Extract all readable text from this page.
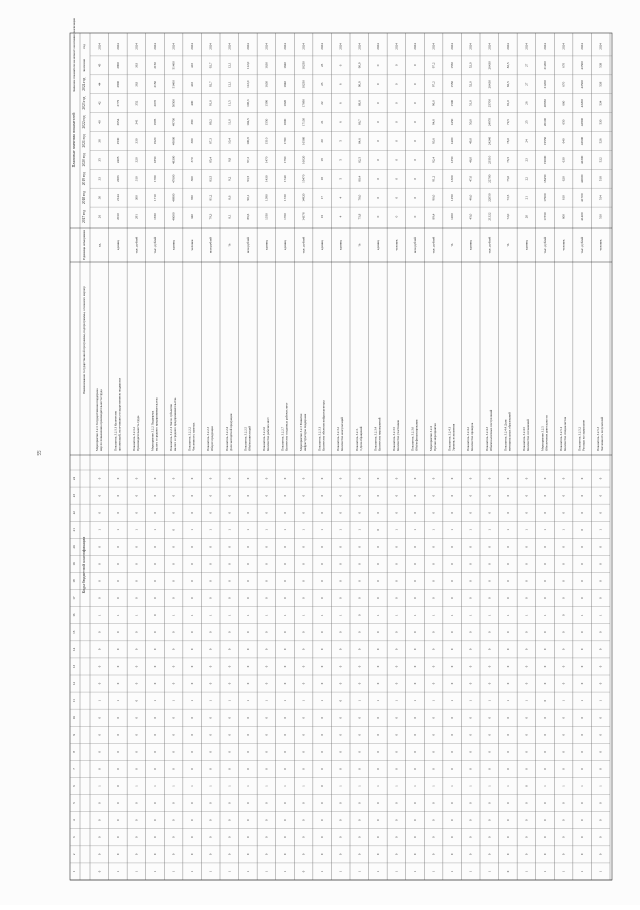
55
Коды бюджетной классификации
Наименование государственной программы, подпрограммы, основного меропр
Единица измерения
Плановые значения показателей
Значение показателя на момент окончания реализации
2017 год
2018 год
2019 год
2020 год
2021 год
2022 год
2023 год
2024 год
значение
год
1
2
3
4
5
6
7
8
9
10
11
12
13
14
15
16
17
18
19
20
21
22
23
24
Мероприятие 3.2.1 Государственная поддержка мер по повышению производительности труда
ед.
26
30
33
35
38
40
42
44
45
2024
0
0
0
0
0
1
0
0
0
0
1
0
0
0
0
1
0
0
0
0
1
0
0
0
Показатель 3.2.1.1 Количество организаций, получивших государственную поддержку
единиц
2010
2144
2283
2405
2530
2654
2779
2900
2900
2024
1
0
0
0
0
0
0
0
0
0
1
0
0
0
0
1
0
0
0
0
1
0
0
0
Показатель 3.2.1.2 Производительность труда
тыс. рублей
291
300
310
320
330
341
352
363
363
2024
1
0
0
0
0
1
0
0
0
0
0
0
0
0
0
1
0
0
0
0
1
0
0
0
Мероприятие 3.2.2 Поддержка малого и среднего предпринимательства
тыс. рублей
1650
1710
1780
1850
1920
1995
2070
2150
2150
2024
1
0
0
0
0
1
0
0
0
0
1
0
0
0
0
0
0
0
0
0
1
0
0
0
Показатель 3.2.2.1 Число субъектов малого и среднего предпринимательства
единиц
46000
46900
47600
48300
49000
49700
50500
51400
51400
2024
1
0
0
0
0
1
0
0
0
0
1
0
0
0
0
1
0
0
0
0
0
0
0
0
Показатель 3.2.2.2 Численность занятых
человек
340
350
360
370
380
390
400
410
410
2024
1
0
0
0
0
1
0
0
0
0
1
0
0
0
0
1
0
0
0
0
1
0
0
0
Показатель 3.2.2.3 Оборот продукции
млн рублей
79,3
81,2
83,5
85,4
87,3
89,2
91,0
92,7
92,7
2024
1
0
0
0
0
1
0
0
0
0
1
0
0
0
0
1
0
0
0
0
1
0
0
0
Показатель 3.2.2.4 Доля экспортной продукции
%
8,1
8,6
9,2
9,8
10,4
11,0
11,5
12,1
12,1
2024
1
0
0
0
0
1
0
0
0
0
1
0
0
0
0
1
0
0
0
0
1
0
0
0
Показатель 3.2.2.5 Объём инвестиций
млн рублей
86,6
90,1
93,5
97,2
100,9
104,5
108,3
112,0
112,0
2024
1
0
0
0
0
1
0
0
0
0
1
0
0
0
0
1
0
0
0
0
1
0
0
0
Показатель 3.2.2.6 Количество рабочих мест
единиц
1350
1390
1430
1470
1510
1550
1590
1630
1630
2024
1
0
0
0
0
1
0
0
0
0
1
0
0
0
0
1
0
0
0
0
1
0
0
0
Показатель 3.2.2.7 Количество созданных рабочих мест
единиц
1700
1720
1740
1760
1780
1800
1820
1840
1840
2024
1
0
0
0
0
1
0
0
0
0
1
0
0
0
0
1
0
0
0
0
1
0
0
0
Мероприятие 3.2.3 Развитие инфраструктуры поддержки
тыс. рублей
14378
14920
15470
16020
16580
17130
17690
18250
18250
2024
0
0
0
0
0
1
0
0
0
0
1
0
0
0
0
1
0
0
0
0
1
0
0
0
Показатель 3.2.3.1 Количество объектов инфраструктуры
единиц
16
17
18
19
20
21
22
23
23
2024
1
0
0
0
0
0
0
0
0
0
1
0
0
0
0
1
0
0
0
0
1
0
0
0
Показатель 3.2.3.2 Количество консультаций
единиц
4
4
5
5
5
6
6
6
6
2024
1
0
0
0
0
1
0
0
0
0
0
0
0
0
0
1
0
0
0
0
1
0
0
0
Показатель 3.2.3. 3 Доля обращений
%
75,8
78,0
80,4
82,5
84,6
86,7
88,8
90,9
90,9
2024
1
0
0
0
0
1
0
0
0
0
1
0
0
0
0
0
0
0
0
0
1
0
0
0
Показатель 3.2.3.4 Количество мероприятий
единиц
0
0
0
0
0
0
0
0
0
2024
1
0
0
0
0
1
0
0
0
0
1
0
0
0
0
1
0
0
0
0
0
0
0
0
Показатель 3.2.3.5 Количество участников
человек
0
0
0
0
0
0
0
0
0
2024
1
0
0
0
0
1
0
0
0
0
1
0
0
0
0
1
0
0
0
0
1
0
0
0
Показатель 3.2.3.6 Объём финансирования
млн рублей
0
0
0
0
0
0
0
0
0
2024
1
0
0
0
0
1
0
0
0
0
1
0
0
0
0
1
0
0
0
0
1
0
0
0
Мероприятие 3.2.4 Прочие мероприятия
тыс. рублей
89,4
90,0
91,2
92,4
93,6
94,8
96,0
97,2
97,2
2024
1
0
0
0
0
1
0
0
0
0
1
0
0
0
0
1
0
0
0
0
1
0
0
0
Показатель 3.2.4.1 Уровень исполнения
%
1200
1250
1300
1350
1400
1450
1500
1550
1550
2024
1
0
0
0
0
1
0
0
0
0
1
0
0
0
0
1
0
0
0
0
1
0
0
0
Показатель 3.2.4.2 Количество проверок
единиц
45,0
46,0
47,0
48,0
49,0
50,0
51,0
52,0
52,0
2024
1
0
0
0
0
1
0
0
0
0
1
0
0
0
0
1
0
0
0
0
1
0
0
0
Показатель 3.2.4.3 Объём налоговых поступлений
тыс. рублей
21322
22050
22780
23510
24240
24970
25700
26430
26430
2024
1
0
0
0
0
1
0
0
0
0
1
0
0
0
0
1
0
0
0
0
1
0
0
0
Показатель 3.2.4.4 Доля муниципальных образований
%
72,0
73,5
75,0
76,5
78,0
79,5
81,0
82,5
82,5
2024
0
0
0
0
0
1
0
0
0
0
1
0
0
0
0
1
0
0
0
0
1
0
0
0
Показатель 3.2.4.5 Количество соглашений
единиц
20
21
22
23
24
25
26
27
27
2024
1
0
0
0
0
0
0
0
0
0
1
0
0
0
0
1
0
0
0
0
1
0
0
0
Мероприятие 3.2.5 Обеспечение деятельности
тыс. рублей
17350
17900
18450
19000
19550
20100
20650
21200
21200
2024
1
0
0
0
0
1
0
0
0
0
0
0
0
0
0
1
0
0
0
0
1
0
0
0
Показатель 3.2.5.1 Количество специалистов
человек
600
610
620
630
640
650
660
670
670
2024
1
0
0
0
0
1
0
0
0
0
1
0
0
0
0
0
0
0
0
0
1
0
0
0
Показатель 3.2.5.2 Расходы на содержание
тыс. рублей
41400
41700
42000
42300
42600
42900
43200
43500
43500
2024
1
0
0
0
0
1
0
0
0
0
1
0
0
0
0
1
0
0
0
0
0
0
0
0
Показатель 3.2.5.3 Численность получателей
человек
510
514
518
522
526
530
534
538
538
2024
1
0
0
0
0
1
0
0
0
0
1
0
0
0
0
1
0
0
0
0
1
0
0
0
